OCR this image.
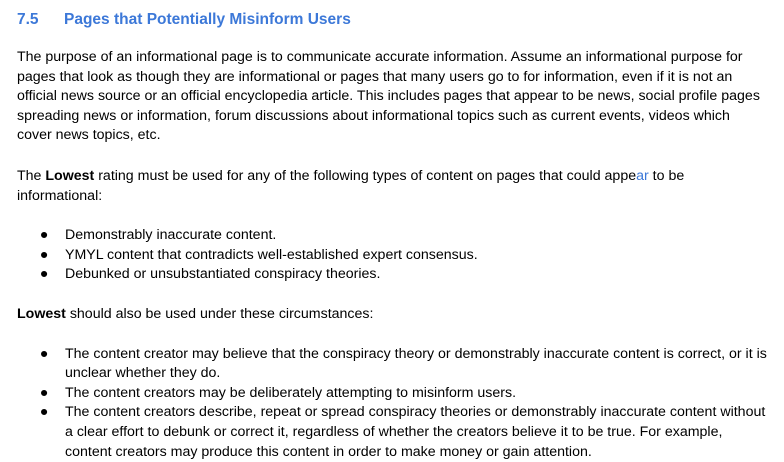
7.5	Pages that Potentially Misinform Users

The purpose of an informational page is to communicate accurate information. Assume an informational purpose for pages that look as though they are informational or pages that many users go to for information, even if it is not an official news source or an official encyclopedia article. This includes pages that appear to be news, social profile pages spreading news or information, forum discussions about informational topics such as current events, videos which cover news topics, etc.

The Lowest rating must be used for any of the following types of content on pages that could appear to be informational:

● Demonstrably inaccurate content.
● YMYL content that contradicts well-established expert consensus.
● Debunked or unsubstantiated conspiracy theories.

Lowest should also be used under these circumstances:

● The content creator may believe that the conspiracy theory or demonstrably inaccurate content is correct, or it is unclear whether they do.
● The content creators may be deliberately attempting to misinform users.
● The content creators describe, repeat or spread conspiracy theories or demonstrably inaccurate content without a clear effort to debunk or correct it, regardless of whether the creators believe it to be true. For example, content creators may produce this content in order to make money or gain attention.
